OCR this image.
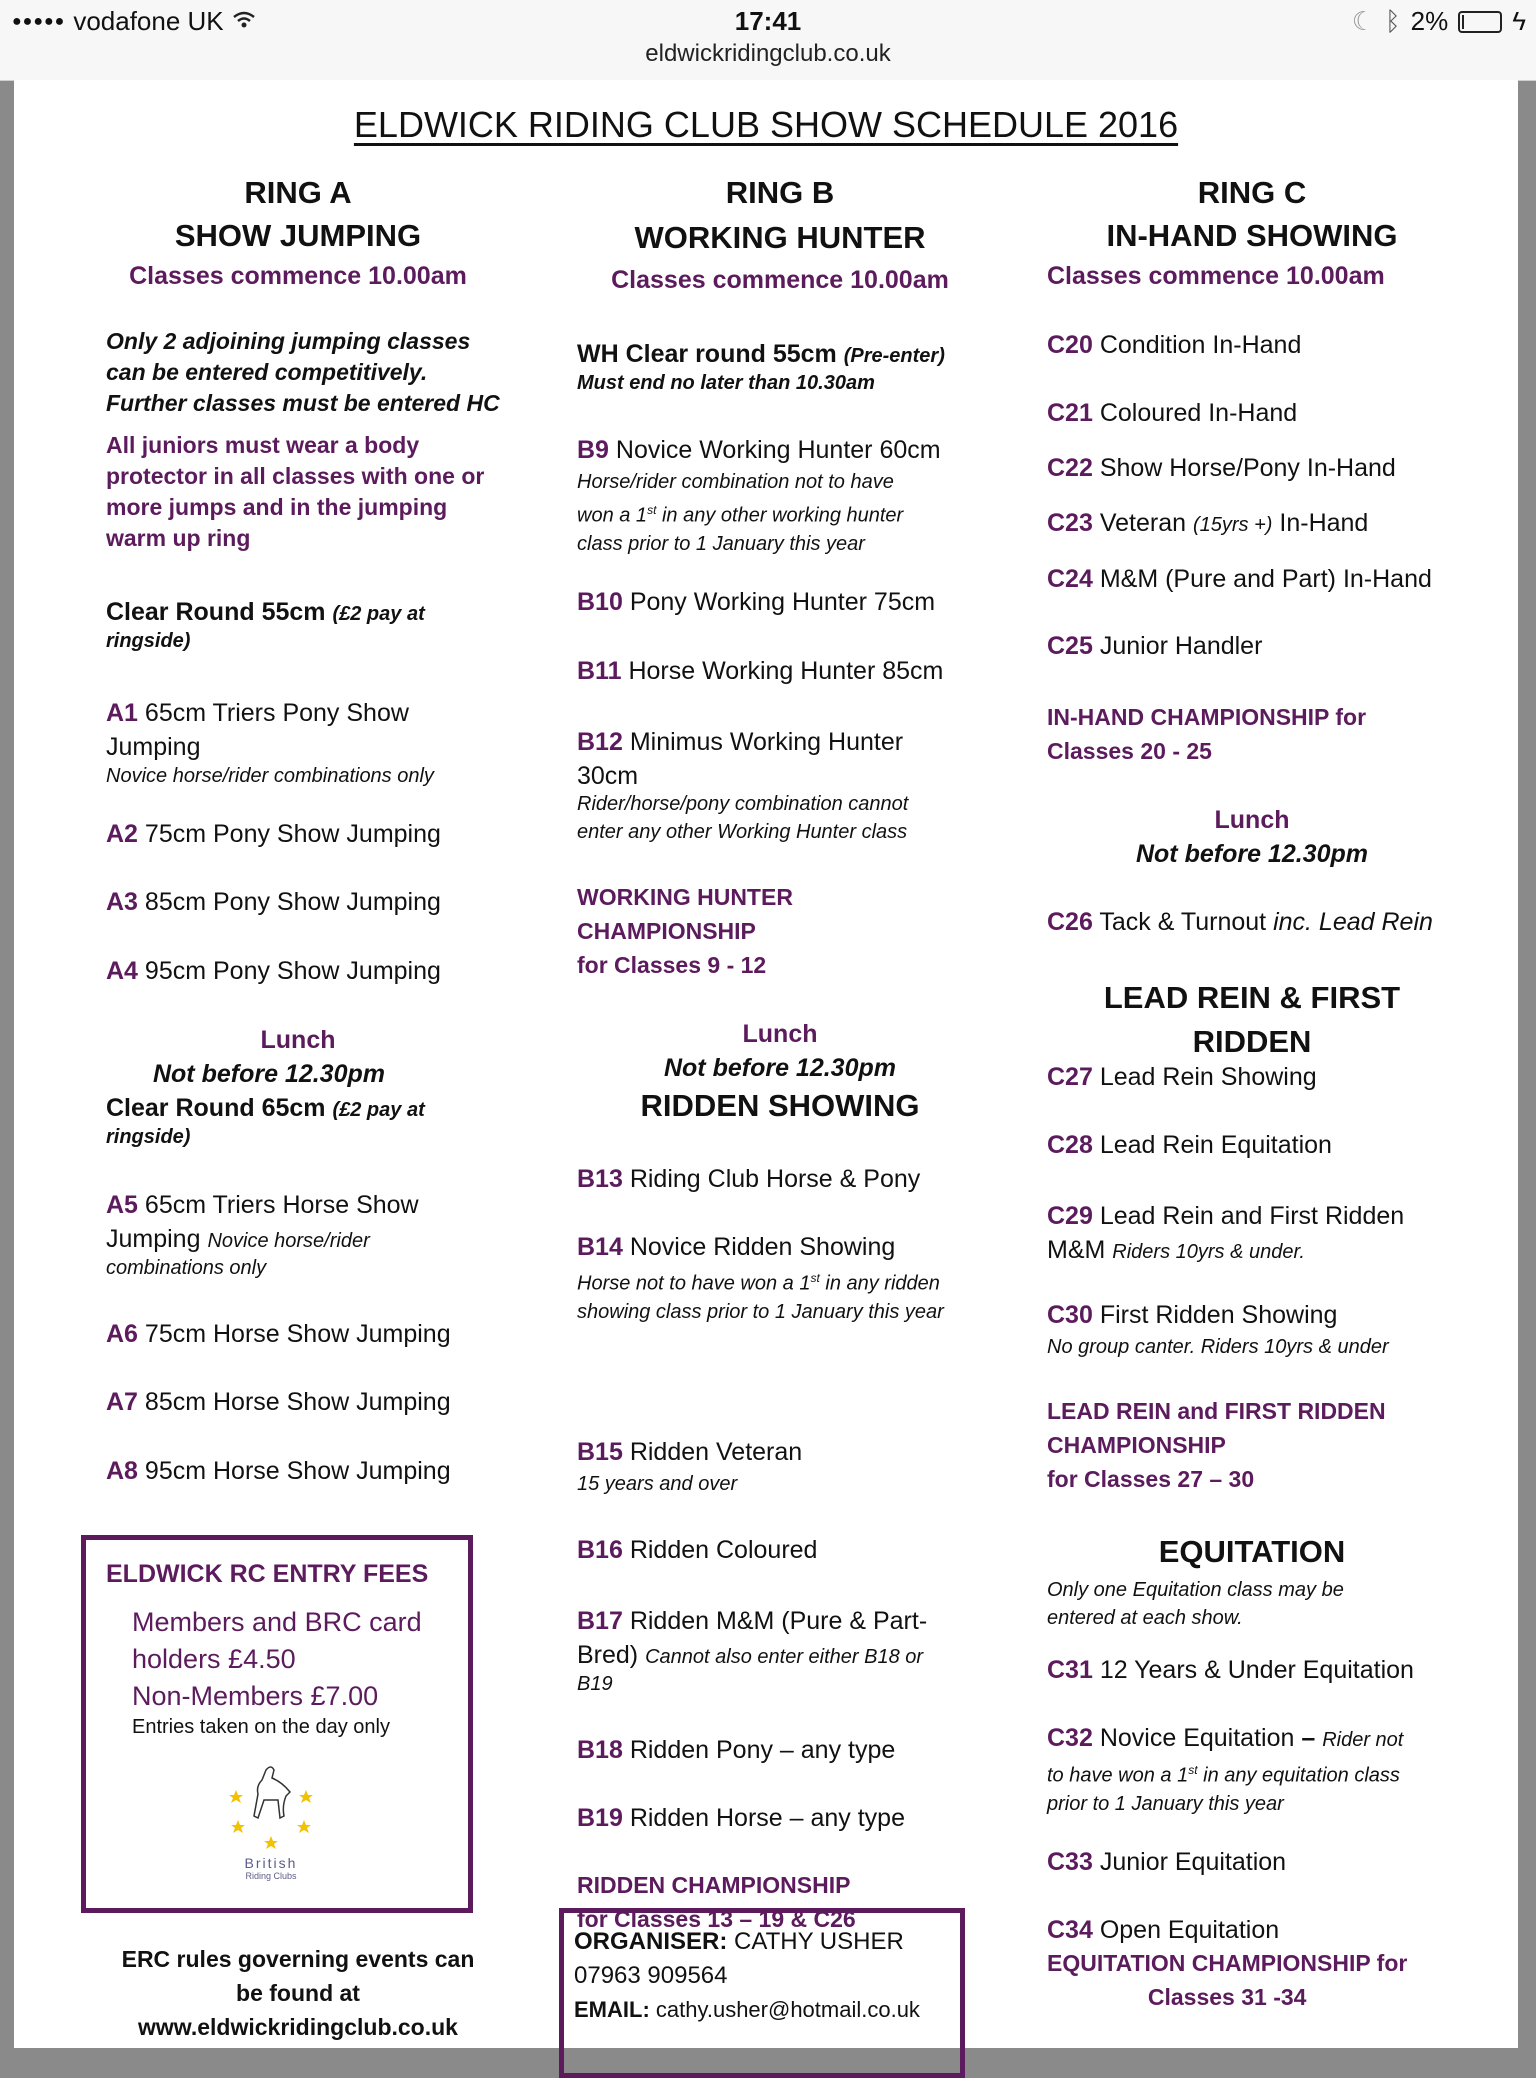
●●●●● vodafone UK	17:41
eldwickridingclub.co.uk
☾ ᛒ 2% ϟ
ELDWICK RIDING CLUB SHOW SCHEDULE 2016
RING A
SHOW JUMPING
Classes commence 10.00am
Only 2 adjoining jumping classes
can be entered competitively.
Further classes must be entered HC
All juniors must wear a body
protector in all classes with one or
more jumps and in the jumping
warm up ring
Clear Round 55cm (£2 pay at
ringside)
A1 65cm Triers Pony Show
Jumping
Novice horse/rider combinations only
A2 75cm Pony Show Jumping
A3 85cm Pony Show Jumping
A4 95cm Pony Show Jumping
Lunch
Not before 12.30pm
Clear Round 65cm (£2 pay at
ringside)
A5 65cm Triers Horse Show
Jumping Novice horse/rider
combinations only
A6 75cm Horse Show Jumping
A7 85cm Horse Show Jumping
A8 95cm Horse Show Jumping
ELDWICK RC ENTRY FEES
Members and BRC card
holders £4.50
Non-Members £7.00
Entries taken on the day only
British
Riding Clubs
ERC rules governing events can
be found at
www.eldwickridingclub.co.uk
RING B
WORKING HUNTER
Classes commence 10.00am
WH Clear round 55cm (Pre-enter)
Must end no later than 10.30am
B9 Novice Working Hunter 60cm
Horse/rider combination not to have
won a 1st in any other working hunter
class prior to 1 January this year
B10 Pony Working Hunter 75cm
B11 Horse Working Hunter 85cm
B12 Minimus Working Hunter
30cm
Rider/horse/pony combination cannot
enter any other Working Hunter class
WORKING HUNTER
CHAMPIONSHIP
for Classes 9 - 12
Lunch
Not before 12.30pm
RIDDEN SHOWING
B13 Riding Club Horse & Pony
B14 Novice Ridden Showing
Horse not to have won a 1st in any ridden
showing class prior to 1 January this year
B15 Ridden Veteran
15 years and over
B16 Ridden Coloured
B17 Ridden M&M (Pure & Part-
Bred) Cannot also enter either B18 or
B19
B18 Ridden Pony – any type
B19 Ridden Horse – any type
RIDDEN CHAMPIONSHIP
for Classes 13 – 19 & C26
ORGANISER: CATHY USHER
07963 909564
EMAIL: cathy.usher@hotmail.co.uk
RING C
IN-HAND SHOWING
Classes commence 10.00am
C20 Condition In-Hand
C21 Coloured In-Hand
C22 Show Horse/Pony In-Hand
C23 Veteran (15yrs +) In-Hand
C24 M&M (Pure and Part) In-Hand
C25 Junior Handler
IN-HAND CHAMPIONSHIP for
Classes 20 - 25
Lunch
Not before 12.30pm
C26 Tack & Turnout inc. Lead Rein
LEAD REIN & FIRST
RIDDEN
C27 Lead Rein Showing
C28 Lead Rein Equitation
C29 Lead Rein and First Ridden
M&M Riders 10yrs & under.
C30 First Ridden Showing
No group canter. Riders 10yrs & under
LEAD REIN and FIRST RIDDEN
CHAMPIONSHIP
for Classes 27 – 30
EQUITATION
Only one Equitation class may be
entered at each show.
C31 12 Years & Under Equitation
C32 Novice Equitation – Rider not
to have won a 1st in any equitation class
prior to 1 January this year
C33 Junior Equitation
C34 Open Equitation
EQUITATION CHAMPIONSHIP for
Classes 31 -34
